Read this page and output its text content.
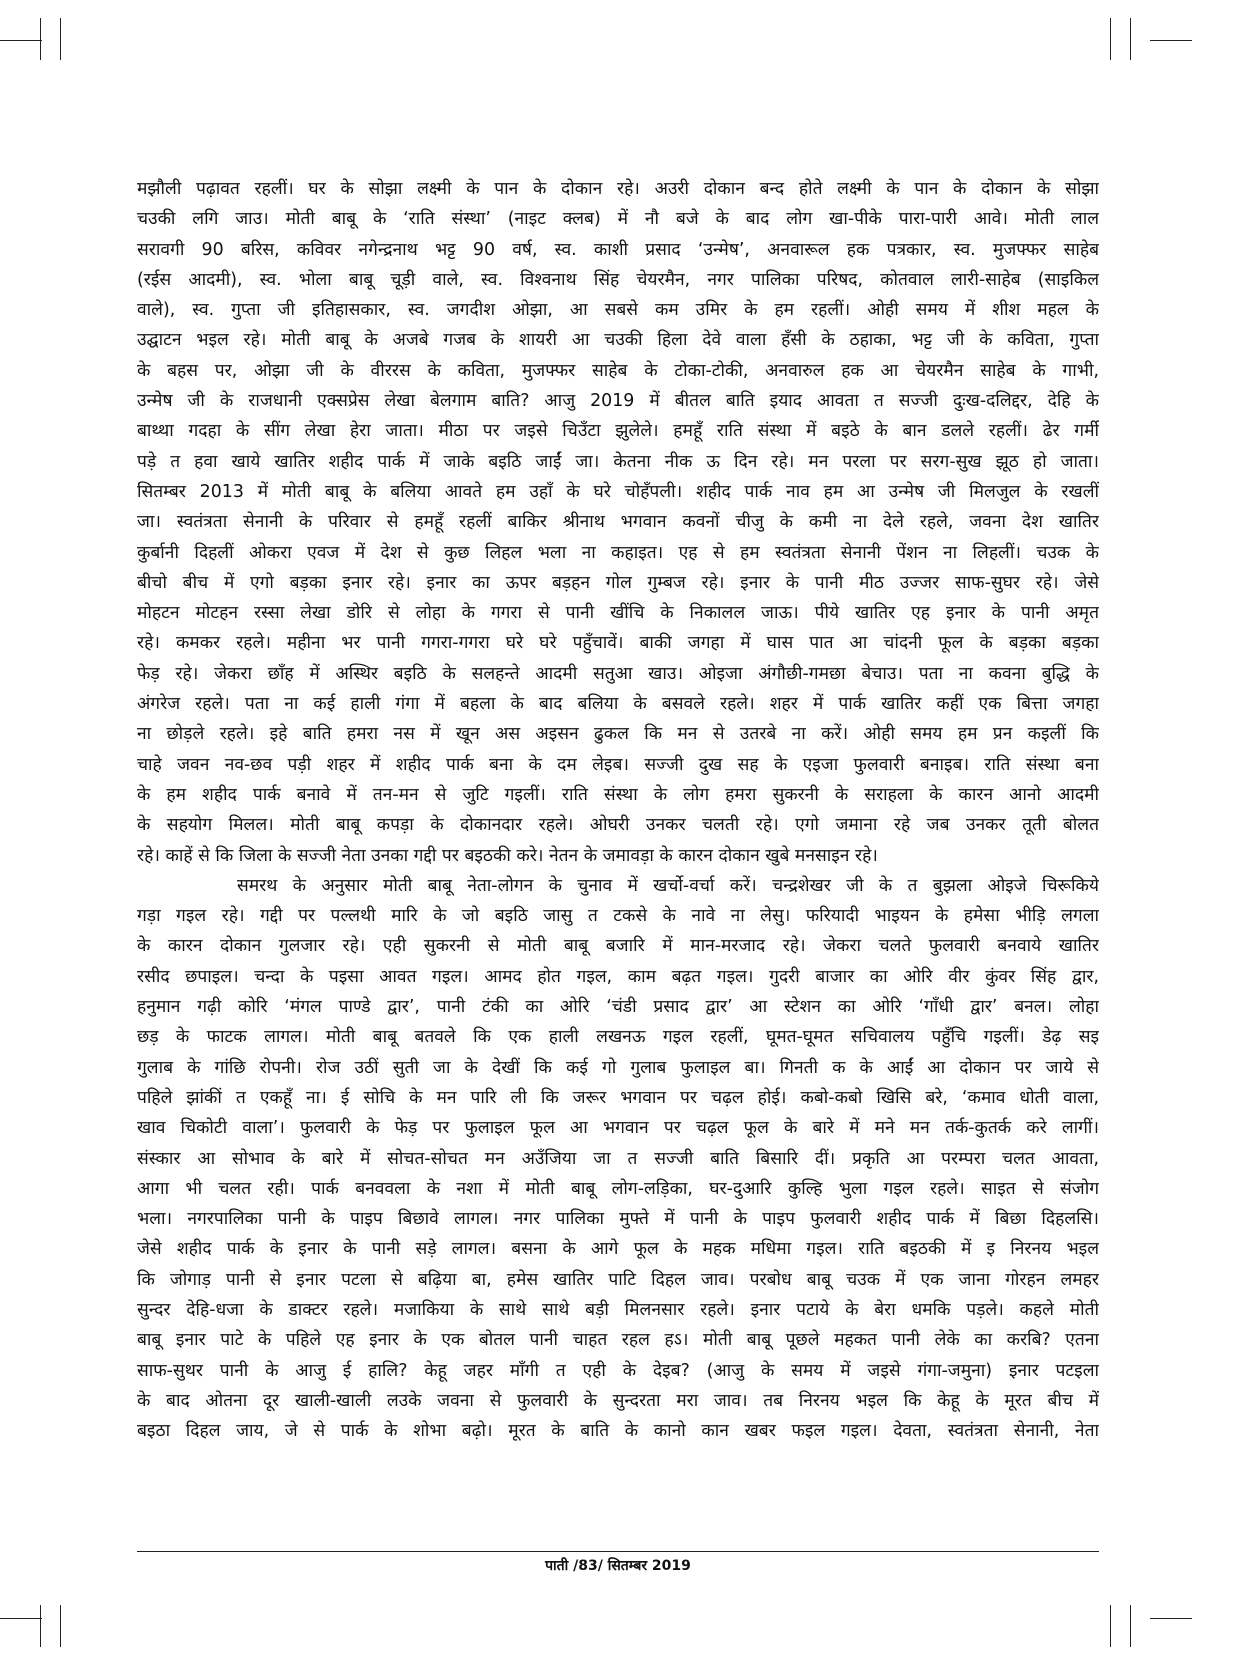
मझौली पढ़ावत रहलीं। घर के सोझा लक्ष्मी के पान के दोकान रहे। अउरी दोकान बन्द होते लक्ष्मी के पान के दोकान के सोझा

चउकी लगि जाउ। मोती बाबू के ‘राति संस्था’ (नाइट क्लब) में नौ बजे के बाद लोग खा-पीके पारा-पारी आवे। मोती लाल

सरावगी 90 बरिस, कविवर नगेन्द्रनाथ भट्ट 90 वर्ष, स्व. काशी प्रसाद ‘उन्मेष’, अनवारूल हक पत्रकार, स्व. मुजफ्फर साहेब

(रईस आदमी), स्व. भोला बाबू चूड़ी वाले, स्व. विश्वनाथ सिंह चेयरमैन, नगर पालिका परिषद, कोतवाल लारी-साहेब (साइकिल

वाले), स्व. गुप्ता जी इतिहासकार, स्व. जगदीश ओझा, आ सबसे कम उमिर के हम रहलीं। ओही समय में शीश महल के

उद्घाटन भइल रहे। मोती बाबू के अजबे गजब के शायरी आ चउकी हिला देवे वाला हँसी के ठहाका, भट्ट जी के कविता, गुप्ता

के बहस पर, ओझा जी के वीररस के कविता, मुजफ्फर साहेब के टोका-टोकी, अनवारुल हक आ चेयरमैन साहेब के गाभी,

उन्मेष जी के राजधानी एक्सप्रेस लेखा बेलगाम बाति? आजु 2019 में बीतल बाति इयाद आवता त सज्जी दुःख-दलिद्दर, देहि के

बाथ्था गदहा के सींग लेखा हेरा जाता। मीठा पर जइसे चिउँटा झुलेले। हमहूँ राति संस्था में बइठे के बान डलले रहलीं। ढेर गर्मी

पड़े त हवा खाये खातिर शहीद पार्क में जाके बइठि जाईं जा। केतना नीक ऊ दिन रहे। मन परला पर सरग-सुख झूठ हो जाता।

सितम्बर 2013 में मोती बाबू के बलिया आवते हम उहाँ के घरे चोहँपली। शहीद पार्क नाव हम आ उन्मेष जी मिलजुल के रखलीं

जा। स्वतंत्रता सेनानी के परिवार से हमहूँ रहलीं बाकिर श्रीनाथ भगवान कवनों चीजु के कमी ना देले रहले, जवना देश खातिर

कुर्बानी दिहलीं ओकरा एवज में देश से कुछ लिहल भला ना कहाइत। एह से हम स्वतंत्रता सेनानी पेंशन ना लिहलीं। चउक के

बीचो बीच में एगो बड़का इनार रहे। इनार का ऊपर बड़हन गोल गुम्बज रहे। इनार के पानी मीठ उज्जर साफ-सुघर रहे। जेसे

मोहटन मोटहन रस्सा लेखा डोरि से लोहा के गगरा से पानी खींचि के निकालल जाऊ। पीये खातिर एह इनार के पानी अमृत

रहे। कमकर रहले। महीना भर पानी गगरा-गगरा घरे घरे पहुँचावें। बाकी जगहा में घास पात आ चांदनी फूल के बड़का बड़का

फेड़ रहे। जेकरा छाँह में अस्थिर बइठि के सलहन्ते आदमी सतुआ खाउ। ओइजा अंगौछी-गमछा बेचाउ। पता ना कवना बुद्धि के

अंगरेज रहले। पता ना कई हाली गंगा में बहला के बाद बलिया के बसवले रहले। शहर में पार्क खातिर कहीं एक बित्ता जगहा

ना छोड़ले रहले। इहे बाति हमरा नस में खून अस अइसन ढुकल कि मन से उतरबे ना करें। ओही समय हम प्रन कइलीं कि

चाहे जवन नव-छव पड़ी शहर में शहीद पार्क बना के दम लेइब। सज्जी दुख सह के एइजा फुलवारी बनाइब। राति संस्था बना

के हम शहीद पार्क बनावे में तन-मन से जुटि गइलीं। राति संस्था के लोग हमरा सुकरनी के सराहला के कारन आनो आदमी

के सहयोग मिलल। मोती बाबू कपड़ा के दोकानदार रहले। ओघरी उनकर चलती रहे। एगो जमाना रहे जब उनकर तूती बोलत

रहे। काहें से कि जिला के सज्जी नेता उनका गद्दी पर बइठकी करे। नेतन के जमावड़ा के कारन दोकान खुबे मनसाइन रहे।

समरथ के अनुसार मोती बाबू नेता-लोगन के चुनाव में खर्चो-वर्चा करें। चन्द्रशेखर जी के त बुझला ओइजे चिरूकिये

गड़ा गइल रहे। गद्दी पर पल्लथी मारि के जो बइठि जासु त टकसे के नावे ना लेसु। फरियादी भाइयन के हमेसा भीड़ि लगला

के कारन दोकान गुलजार रहे। एही सुकरनी से मोती बाबू बजारि में मान-मरजाद रहे। जेकरा चलते फुलवारी बनवाये खातिर

रसीद छपाइल। चन्दा के पइसा आवत गइल। आमद होत गइल, काम बढ़त गइल। गुदरी बाजार का ओरि वीर कुंवर सिंह द्वार,

हनुमान गढ़ी कोरि ‘मंगल पाण्डे द्वार’, पानी टंकी का ओरि ‘चंडी प्रसाद द्वार’ आ स्टेशन का ओरि ‘गाँधी द्वार’ बनल। लोहा

छड़ के फाटक लागल। मोती बाबू बतवले कि एक हाली लखनऊ गइल रहलीं, घूमत-घूमत सचिवालय पहुँचि गइलीं। डेढ़ सइ

गुलाब के गांछि रोपनी। रोज उठीं सुती जा के देखीं कि कई गो गुलाब फुलाइल बा। गिनती क के आईं आ दोकान पर जाये से

पहिले झांकीं त एकहूँ ना। ई सोचि के मन पारि ली कि जरूर भगवान पर चढ़ल होई। कबो-कबो खिसि बरे, ‘कमाव धोती वाला,

खाव चिकोटी वाला’। फुलवारी के फेड़ पर फुलाइल फूल आ भगवान पर चढ़ल फूल के बारे में मने मन तर्क-कुतर्क करे लागीं।

संस्कार आ सोभाव के बारे में सोचत-सोचत मन अउँजिया जा त सज्जी बाति बिसारि दीं। प्रकृति आ परम्परा चलत आवता,

आगा भी चलत रही। पार्क बनववला के नशा में मोती बाबू लोग-लड़िका, घर-दुआरि कुल्हि भुला गइल रहले। साइत से संजोग

भला। नगरपालिका पानी के पाइप बिछावे लागल। नगर पालिका मुफ्ते में पानी के पाइप फुलवारी शहीद पार्क में बिछा दिहलसि।

जेसे शहीद पार्क के इनार के पानी सड़े लागल। बसना के आगे फूल के महक मधिमा गइल। राति बइठकी में इ निरनय भइल

कि जोगाड़ पानी से इनार पटला से बढ़िया बा, हमेस खातिर पाटि दिहल जाव। परबोध बाबू चउक में एक जाना गोरहन लमहर

सुन्दर देहि-धजा के डाक्टर रहले। मजाकिया के साथे साथे बड़ी मिलनसार रहले। इनार पटाये के बेरा धमकि पड़ले। कहले मोती

बाबू इनार पाटे के पहिले एह इनार के एक बोतल पानी चाहत रहल हऽ। मोती बाबू पूछले महकत पानी लेके का करबि? एतना

साफ-सुथर पानी के आजु ई हालि? केहू जहर माँगी त एही के देइब? (आजु के समय में जइसे गंगा-जमुना) इनार पटइला

के बाद ओतना दूर खाली-खाली लउके जवना से फुलवारी के सुन्दरता मरा जाव। तब निरनय भइल कि केहू के मूरत बीच में

बइठा दिहल जाय, जे से पार्क के शोभा बढ़ो। मूरत के बाति के कानो कान खबर फइल गइल। देवता, स्वतंत्रता सेनानी, नेता

पाती /83/ सितम्बर 2019
